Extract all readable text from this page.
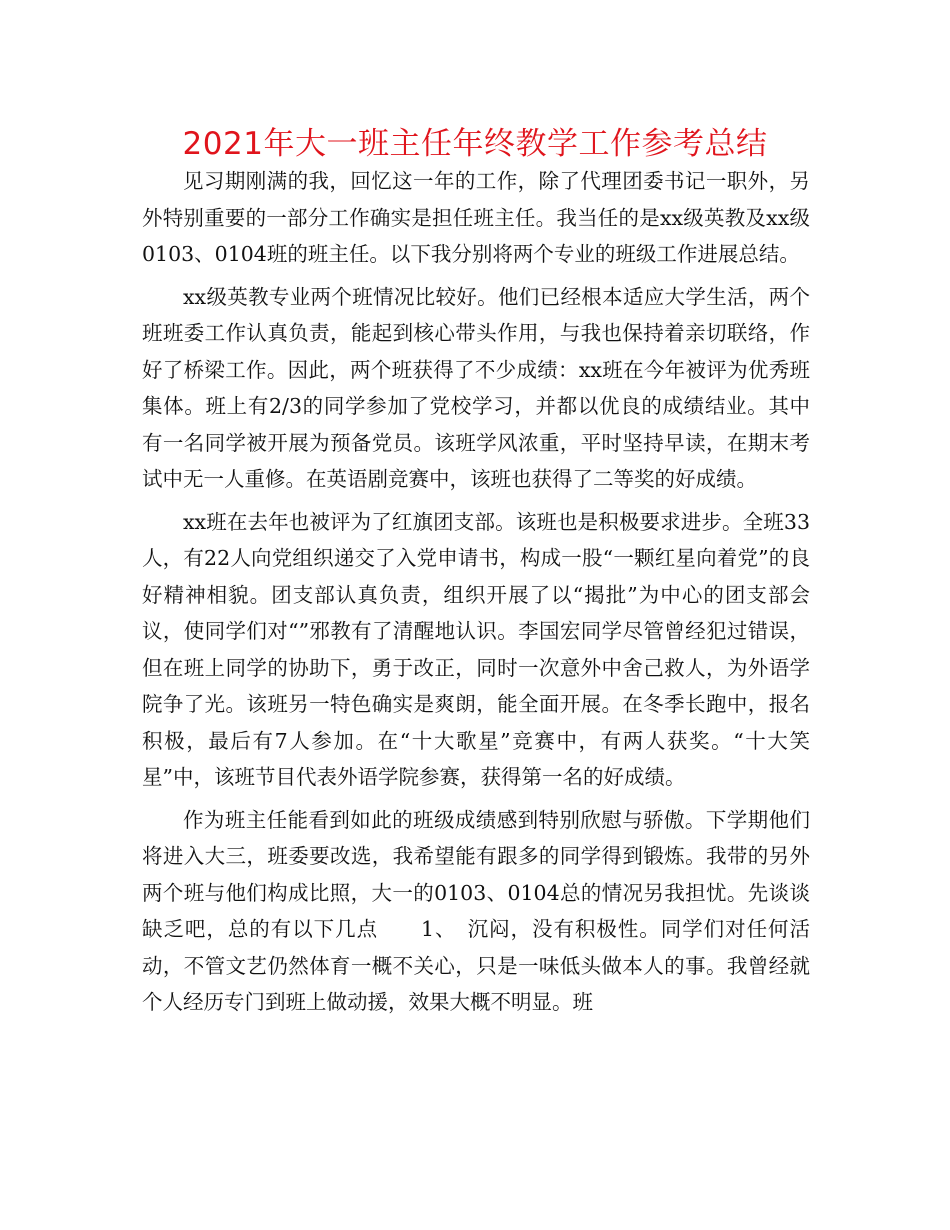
2021年大一班主任年终教学工作参考总结

见习期刚满的我，回忆这一年的工作，除了代理团委书记一职外，另外特别重要的一部分工作确实是担任班主任。我当任的是xx级英教及xx级0103、0104班的班主任。以下我分别将两个专业的班级工作进展总结。

xx级英教专业两个班情况比较好。他们已经根本适应大学生活，两个班班委工作认真负责，能起到核心带头作用，与我也保持着亲切联络，作好了桥梁工作。因此，两个班获得了不少成绩：xx班在今年被评为优秀班集体。班上有2/3的同学参加了党校学习，并都以优良的成绩结业。其中有一名同学被开展为预备党员。该班学风浓重，平时坚持早读，在期末考试中无一人重修。在英语剧竞赛中，该班也获得了二等奖的好成绩。

xx班在去年也被评为了红旗团支部。该班也是积极要求进步。全班33人，有22人向党组织递交了入党申请书，构成一股“一颗红星向着党”的良好精神相貌。团支部认真负责，组织开展了以“揭批”为中心的团支部会议，使同学们对“”邪教有了清醒地认识。李国宏同学尽管曾经犯过错误，但在班上同学的协助下，勇于改正，同时一次意外中舍己救人，为外语学院争了光。该班另一特色确实是爽朗，能全面开展。在冬季长跑中，报名积极，最后有7人参加。在“十大歌星”竞赛中，有两人获奖。“十大笑星”中，该班节目代表外语学院参赛，获得第一名的好成绩。

作为班主任能看到如此的班级成绩感到特别欣慰与骄傲。下学期他们将进入大三，班委要改选，我希望能有跟多的同学得到锻炼。我带的另外两个班与他们构成比照，大一的0103、0104总的情况另我担忧。先谈谈缺乏吧，总的有以下几点　　1、　沉闷，没有积极性。同学们对任何活动，不管文艺仍然体育一概不关心，只是一味低头做本人的事。我曾经就个人经历专门到班上做动援，效果大概不明显。班
